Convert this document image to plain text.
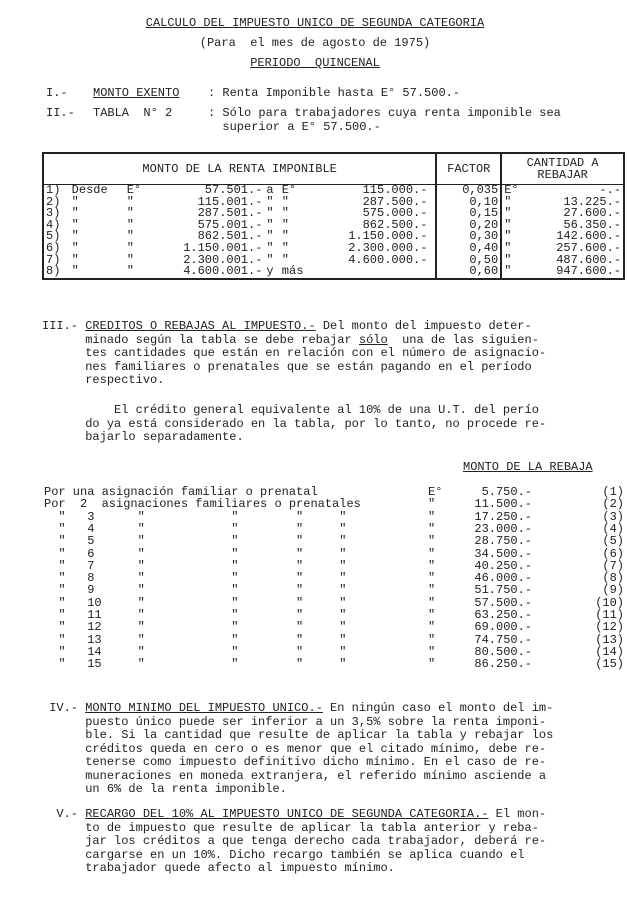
CALCULO DEL IMPUESTO UNICO DE SEGUNDA CATEGORIA
(Para  el mes de agosto de 1975)
PERIODO  QUINCENAL
I.- MONTO EXENTO : Renta Imponible hasta E° 57.500.-
II.- TABLA  N° 2	: Sólo para trabajadores cuya renta imponible sea
superior a E° 57.500.-
MONTO DE LA RENTA IMPONIBLE								FACTOR	CANTIDAD A
REBAJAR	
1)	Desde	E°	57.501.-	a	E°	115.000.-		0,035	E°	-.-
2)	"	"	115.001.-	"	"	287.500.-		0,10	"	13.225.-
3)	"	"	287.501.-	"	"	575.000.-		0,15	"	27.600.-
4)	"	"	575.001.-	"	"	862.500.-		0,20	"	56.350.-
5)	"	"	862.501.-	"	"	1.150.000.-		0,30	"	142.600.-
6)	"	"	1.150.001.-	"	"	2.300.000.-		0,40	"	257.600.-
7)	"	"	2.300.001.-	"	"	4.600.000.-		0,50	"	487.600.-
8)	"	"	4.600.001.-	y	más			0,60	"	947.600.-
III.- CREDITOS O REBAJAS AL IMPUESTO.- Del monto del impuesto deter-
minado según la tabla se debe rebajar sólo  una de las siguien-
tes cantidades que están en relación con el número de asignacio-
nes familiares o prenatales que se están pagando en el período
respectivo.
El crédito general equivalente al 10% de una U.T. del perío
do ya está considerado en la tabla, por lo tanto, no procede re-
bajarlo separadamente.
MONTO DE LA REBAJA
Por una asignación familiar o prenatal	E°	5.750.-	(1)
Por  2  asignaciones familiares o prenatales	"	11.500.-	(2)
"   3      "            "        "     "	"	17.250.-	(3)
"   4      "            "        "     "	"	23.000.-	(4)
"   5      "            "        "     "	"	28.750.-	(5)
"   6      "            "        "     "	"	34.500.-	(6)
"   7      "            "        "     "	"	40.250.-	(7)
"   8      "            "        "     "	"	46.000.-	(8)
"   9      "            "        "     "	"	51.750.-	(9)
"   10     "            "        "     "	"	57.500.-	(10)
"   11     "            "        "     "	"	63.250.-	(11)
"   12     "            "        "     "	"	69.000.-	(12)
"   13     "            "        "     "	"	74.750.-	(13)
"   14     "            "        "     "	"	80.500.-	(14)
"   15     "            "        "     "	"	86.250.-	(15)
IV.- MONTO MINIMO DEL IMPUESTO UNICO.- En ningún caso el monto del im-
puesto único puede ser inferior a un 3,5% sobre la renta imponi-
ble. Si la cantidad que resulte de aplicar la tabla y rebajar los
créditos queda en cero o es menor que el citado mínimo, debe re-
tenerse como impuesto definitivo dicho mínimo. En el caso de re-
muneraciones en moneda extranjera, el referido mínimo asciende a
un 6% de la renta imponible.
V.- RECARGO DEL 10% AL IMPUESTO UNICO DE SEGUNDA CATEGORIA.- El mon-
to de impuesto que resulte de aplicar la tabla anterior y reba-
jar los créditos a que tenga derecho cada trabajador, deberá re-
cargarse en un 10%. Dicho recargo también se aplica cuando el
trabajador quede afecto al impuesto mínimo.
